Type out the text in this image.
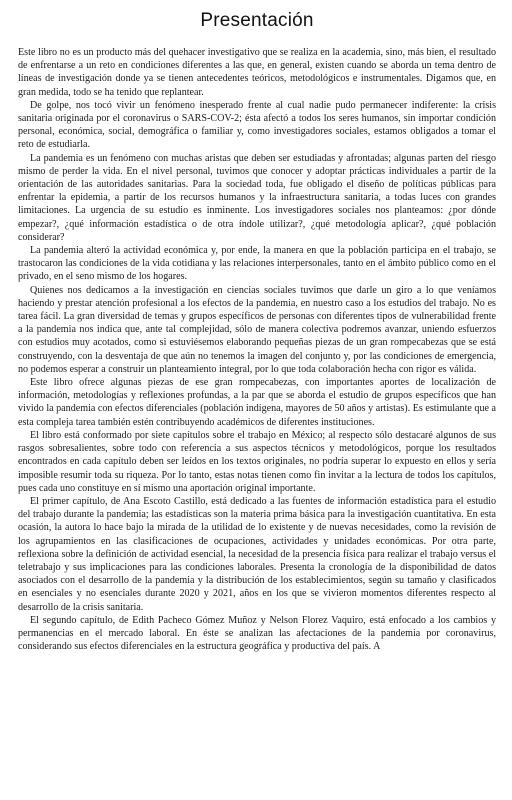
Presentación

Este libro no es un producto más del quehacer investigativo que se realiza en la academia, sino, más bien, el resultado de enfrentarse a un reto en condiciones diferentes a las que, en general, existen cuando se aborda un tema dentro de líneas de investigación donde ya se tienen antecedentes teóricos, metodológicos e instrumentales. Digamos que, en gran medida, todo se ha tenido que replantear.

De golpe, nos tocó vivir un fenómeno inesperado frente al cual nadie pudo permanecer indiferente: la crisis sanitaria originada por el coronavirus o SARS-COV-2; ésta afectó a todos los seres humanos, sin importar condición personal, económica, social, demográfica o familiar y, como investigadores sociales, estamos obligados a tomar el reto de estudiarla.

La pandemia es un fenómeno con muchas aristas que deben ser estudiadas y afrontadas; algunas parten del riesgo mismo de perder la vida. En el nivel personal, tuvimos que conocer y adoptar prácticas individuales a partir de la orientación de las autoridades sanitarias. Para la sociedad toda, fue obligado el diseño de políticas públicas para enfrentar la epidemia, a partir de los recursos humanos y la infraestructura sanitaria, a todas luces con grandes limitaciones. La urgencia de su estudio es inminente. Los investigadores sociales nos planteamos: ¿por dónde empezar?, ¿qué información estadística o de otra índole utilizar?, ¿qué metodología aplicar?, ¿qué población considerar?

La pandemia alteró la actividad económica y, por ende, la manera en que la población participa en el trabajo, se trastocaron las condiciones de la vida cotidiana y las relaciones interpersonales, tanto en el ámbito público como en el privado, en el seno mismo de los hogares.

Quienes nos dedicamos a la investigación en ciencias sociales tuvimos que darle un giro a lo que veníamos haciendo y prestar atención profesional a los efectos de la pandemia, en nuestro caso a los estudios del trabajo. No es tarea fácil. La gran diversidad de temas y grupos específicos de personas con diferentes tipos de vulnerabilidad frente a la pandemia nos indica que, ante tal complejidad, sólo de manera colectiva podremos avanzar, uniendo esfuerzos con estudios muy acotados, como si estuviésemos elaborando pequeñas piezas de un gran rompecabezas que se está construyendo, con la desventaja de que aún no tenemos la imagen del conjunto y, por las condiciones de emergencia, no podemos esperar a construir un planteamiento integral, por lo que toda colaboración hecha con rigor es válida.

Este libro ofrece algunas piezas de ese gran rompecabezas, con importantes aportes de localización de información, metodologías y reflexiones profundas, a la par que se aborda el estudio de grupos específicos que han vivido la pandemia con efectos diferenciales (población indígena, mayores de 50 años y artistas). Es estimulante que a esta compleja tarea también estén contribuyendo académicos de diferentes instituciones.

El libro está conformado por siete capítulos sobre el trabajo en México; al respecto sólo destacaré algunos de sus rasgos sobresalientes, sobre todo con referencia a sus aspectos técnicos y metodológicos, porque los resultados encontrados en cada capítulo deben ser leídos en los textos originales, no podría superar lo expuesto en ellos y sería imposible resumir toda su riqueza. Por lo tanto, estas notas tienen como fin invitar a la lectura de todos los capítulos, pues cada uno constituye en sí mismo una aportación original importante.

El primer capítulo, de Ana Escoto Castillo, está dedicado a las fuentes de información estadística para el estudio del trabajo durante la pandemia; las estadísticas son la materia prima básica para la investigación cuantitativa. En esta ocasión, la autora lo hace bajo la mirada de la utilidad de lo existente y de nuevas necesidades, como la revisión de los agrupamientos en las clasificaciones de ocupaciones, actividades y unidades económicas. Por otra parte, reflexiona sobre la definición de actividad esencial, la necesidad de la presencia física para realizar el trabajo versus el teletrabajo y sus implicaciones para las condiciones laborales. Presenta la cronología de la disponibilidad de datos asociados con el desarrollo de la pandemia y la distribución de los establecimientos, según su tamaño y clasificados en esenciales y no esenciales durante 2020 y 2021, años en los que se vivieron momentos diferentes respecto al desarrollo de la crisis sanitaria.

El segundo capítulo, de Edith Pacheco Gómez Muñoz y Nelson Florez Vaquiro, está enfocado a los cambios y permanencias en el mercado laboral. En éste se analizan las afectaciones de la pandemia por coronavirus, considerando sus efectos diferenciales en la estructura geográfica y productiva del país. A
